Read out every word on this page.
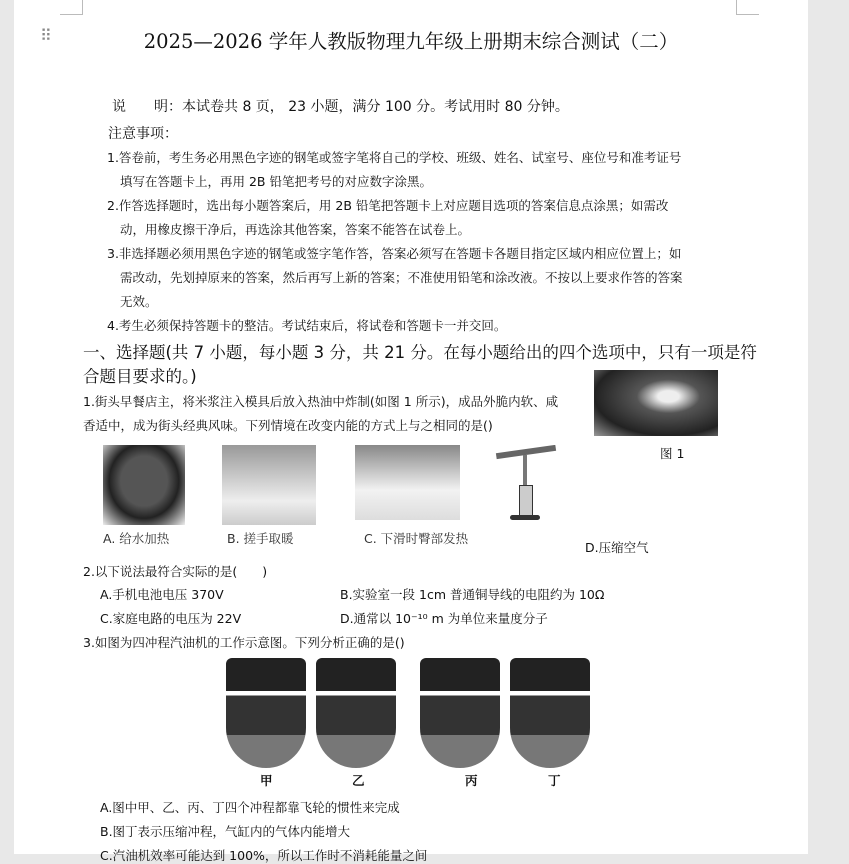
⠿	2025—2026 学年人教版物理九年级上册期末综合测试（二）
说　　明：本试卷共 8 页， 23 小题，满分 100 分。考试用时 80 分钟。
注意事项：
1.答卷前，考生务必用黑色字迹的钢笔或签字笔将自己的学校、班级、姓名、试室号、座位号和准考证号
填写在答题卡上，再用 2B 铅笔把考号的对应数字涂黑。
2.作答选择题时，选出每小题答案后，用 2B 铅笔把答题卡上对应题目选项的答案信息点涂黑；如需改
动，用橡皮擦干净后，再选涂其他答案，答案不能答在试卷上。
3.非选择题必须用黑色字迹的钢笔或签字笔作答，答案必须写在答题卡各题目指定区域内相应位置上；如
需改动，先划掉原来的答案，然后再写上新的答案；不准使用铅笔和涂改液。不按以上要求作答的答案
无效。
4.考生必须保持答题卡的整洁。考试结束后，将试卷和答题卡一并交回。
一、选择题(共 7 小题，每小题 3 分，共 21 分。在每小题给出的四个选项中，只有一项是符
合题目要求的。)
1.街头早餐店主，将米浆注入模具后放入热油中炸制(如图 1 所示)，成品外脆内软、咸
香适中，成为街头经典风味。下列情境在改变内能的方式上与之相同的是()
图 1
A. 给水加热	B. 搓手取暖	C. 下滑时臀部发热
D.压缩空气
2.以下说法最符合实际的是(　　)
A.手机电池电压 370V	B.实验室一段 1cm 普通铜导线的电阻约为 10Ω
C.家庭电路的电压为 22V	D.通常以 10⁻¹⁰ m 为单位来量度分子
3.如图为四冲程汽油机的工作示意图。下列分析正确的是()
甲	乙	丙	丁
A.图中甲、乙、丙、丁四个冲程都靠飞轮的惯性来完成
B.图丁表示压缩冲程，气缸内的气体内能增大
C.汽油机效率可能达到 100%，所以工作时不消耗能量之间
